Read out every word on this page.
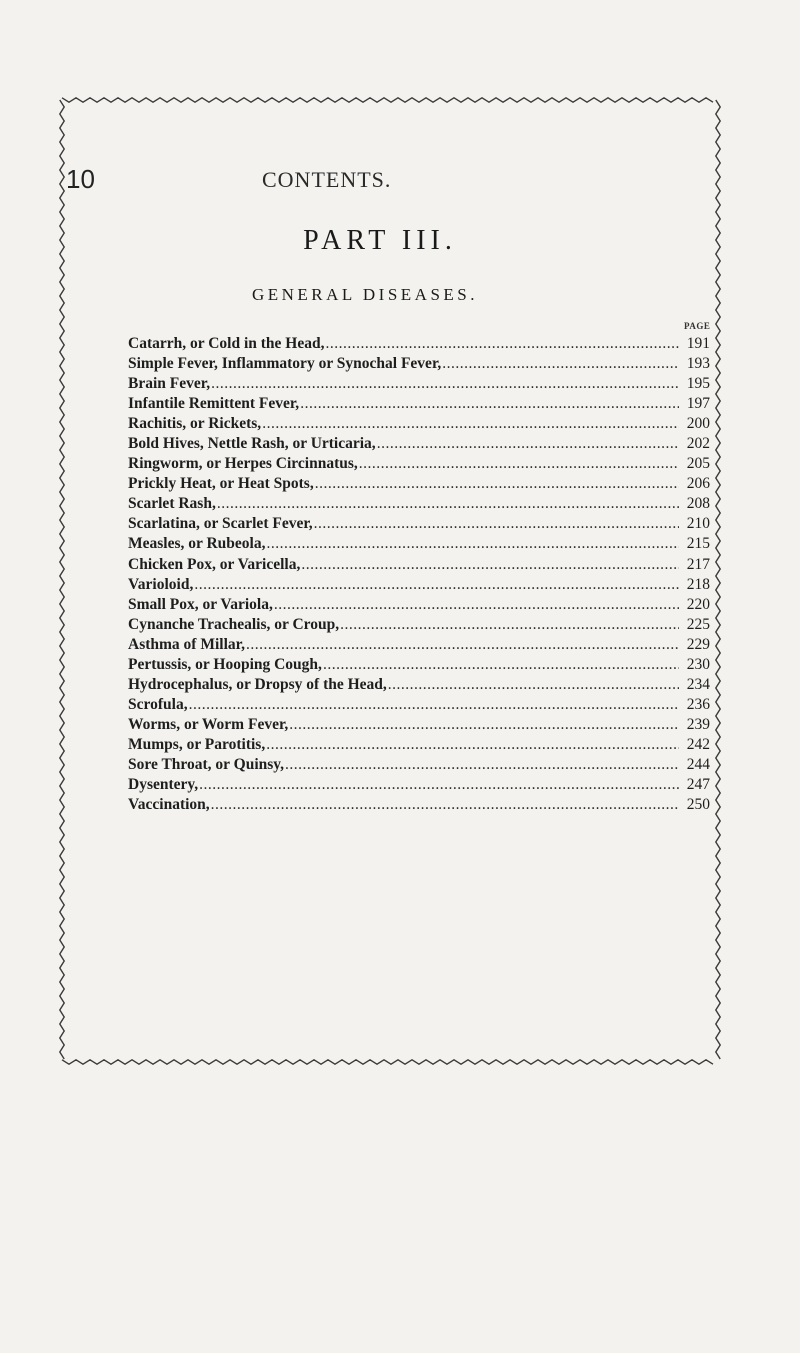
10	CONTENTS.
PART III.
GENERAL DISEASES.
PAGE
Catarrh, or Cold in the Head, .....	191
Simple Fever, Inflammatory or Synochal Fever, .....	193
Brain Fever, .....	195
Infantile Remittent Fever, .....	197
Rachitis, or Rickets, .....	200
Bold Hives, Nettle Rash, or Urticaria, .....	202
Ringworm, or Herpes Circinnatus, .....	205
Prickly Heat, or Heat Spots, .....	206
Scarlet Rash, .....	208
Scarlatina, or Scarlet Fever, .....	210
Measles, or Rubeola, .....	215
Chicken Pox, or Varicella, .....	217
Varioloid, .....	218
Small Pox, or Variola, .....	220
Cynanche Trachealis, or Croup, .....	225
Asthma of Millar, .....	229
Pertussis, or Hooping Cough, .....	230
Hydrocephalus, or Dropsy of the Head, .....	234
Scrofula, .....	236
Worms, or Worm Fever, .....	239
Mumps, or Parotitis, .....	242
Sore Throat, or Quinsy, .....	244
Dysentery, .....	247
Vaccination, .....	250
